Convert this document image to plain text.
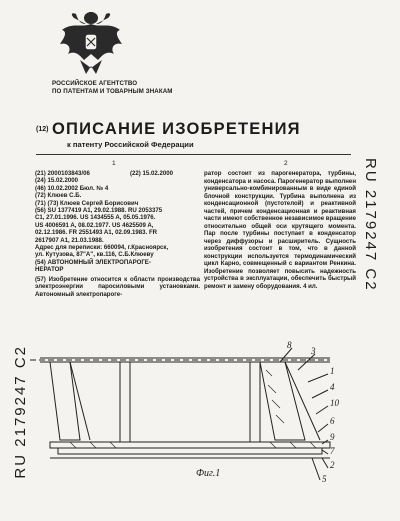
РОССИЙСКОЕ АГЕНТСТВО
ПО ПАТЕНТАМ И ТОВАРНЫМ ЗНАКАМ
(12) ОПИСАНИЕ ИЗОБРЕТЕНИЯ
к патенту Российской Федерации
1	2
(21) 2000103843/06
(24) 15.02.2000
(46) 10.02.2002 Бюл. № 4
(72) Клюев С.Б.
(71) (73) Клюев Сергей Борисович
(56) SU 1377419 A1, 29.02.1988. RU 2053375
C1, 27.01.1996. US 1434555 A, 05.05.1976.
US 4006591 A, 08.02.1977. US 4625509 A,
02.12.1986. FR 2551493 A1, 02.09.1983. FR
2617907 A1, 21.03.1988.
Адрес для переписки: 660094, г.Красноярск,
ул. Кутузова, 87"А", кв.116, С.Б.Клюеву
(54) АВТОНОМНЫЙ ЭЛЕКТРОПАРОГЕ-
НЕРАТОР
(57) Изобретение относится к области производства электроэнергии паросиловыми установками. Автономный электропароге-
(22) 15.02.2000	ратор состоит из парогенератора, турбины, конденсатора и насоса. Парогенератор выполнен универсально-комбинированным в виде единой блочной конструкции. Турбина выполнена из конденсационной (пустотелой) и реактивной частей, причем конденсационная и реактивная части имеют собственное независимое вращение относительно общей оси крутящего момента. Пар после турбины поступает в конденсатор через диффузоры и расширитель. Сущность изобретения состоит в том, что в данной конструкции используется термодинамический цикл Карно, совмещенный с вариантом Ренкина. Изобретение позволяет повысить надежность устройства в эксплуатации, обеспечить быстрый ремонт и замену оборудования. 4 ил.	RU 2179247 C2
RU 2179247 C2	8
3
1
4
10
6
9
7
2
5
Фиг.1
